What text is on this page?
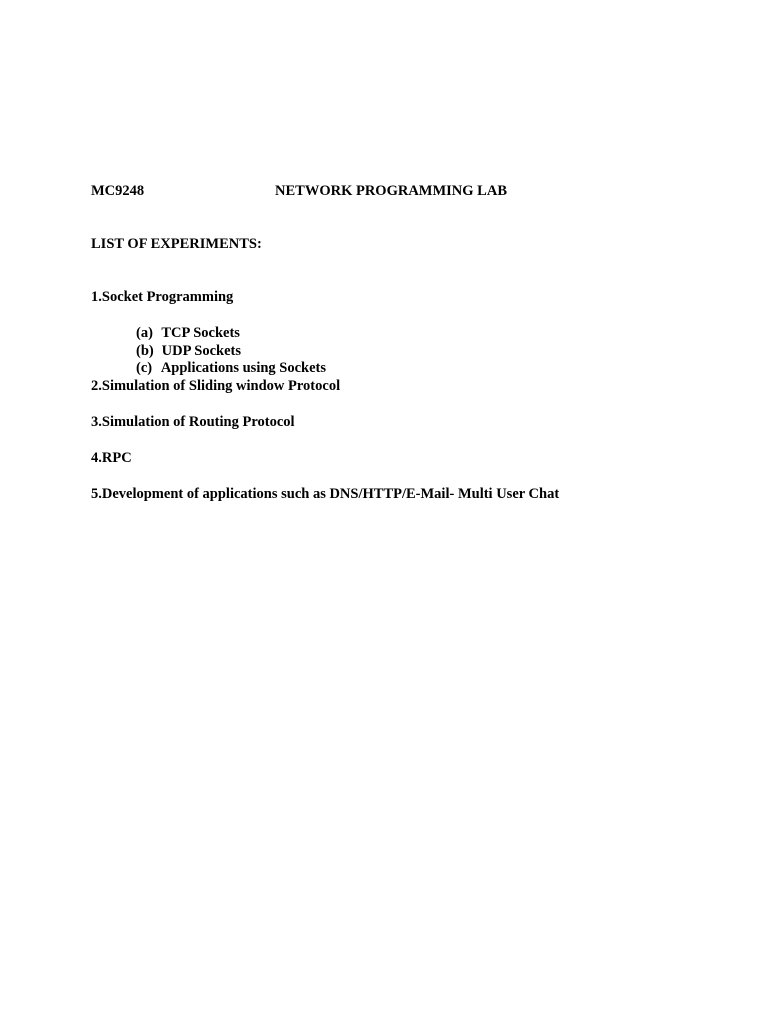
MC9248	NETWORK PROGRAMMING LAB
LIST OF EXPERIMENTS:
1.Socket Programming
(a) TCP Sockets
(b) UDP Sockets
(c) Applications using Sockets
2.Simulation of Sliding window Protocol
3.Simulation of Routing Protocol
4.RPC
5.Development of applications such as DNS/HTTP/E-Mail- Multi User Chat
